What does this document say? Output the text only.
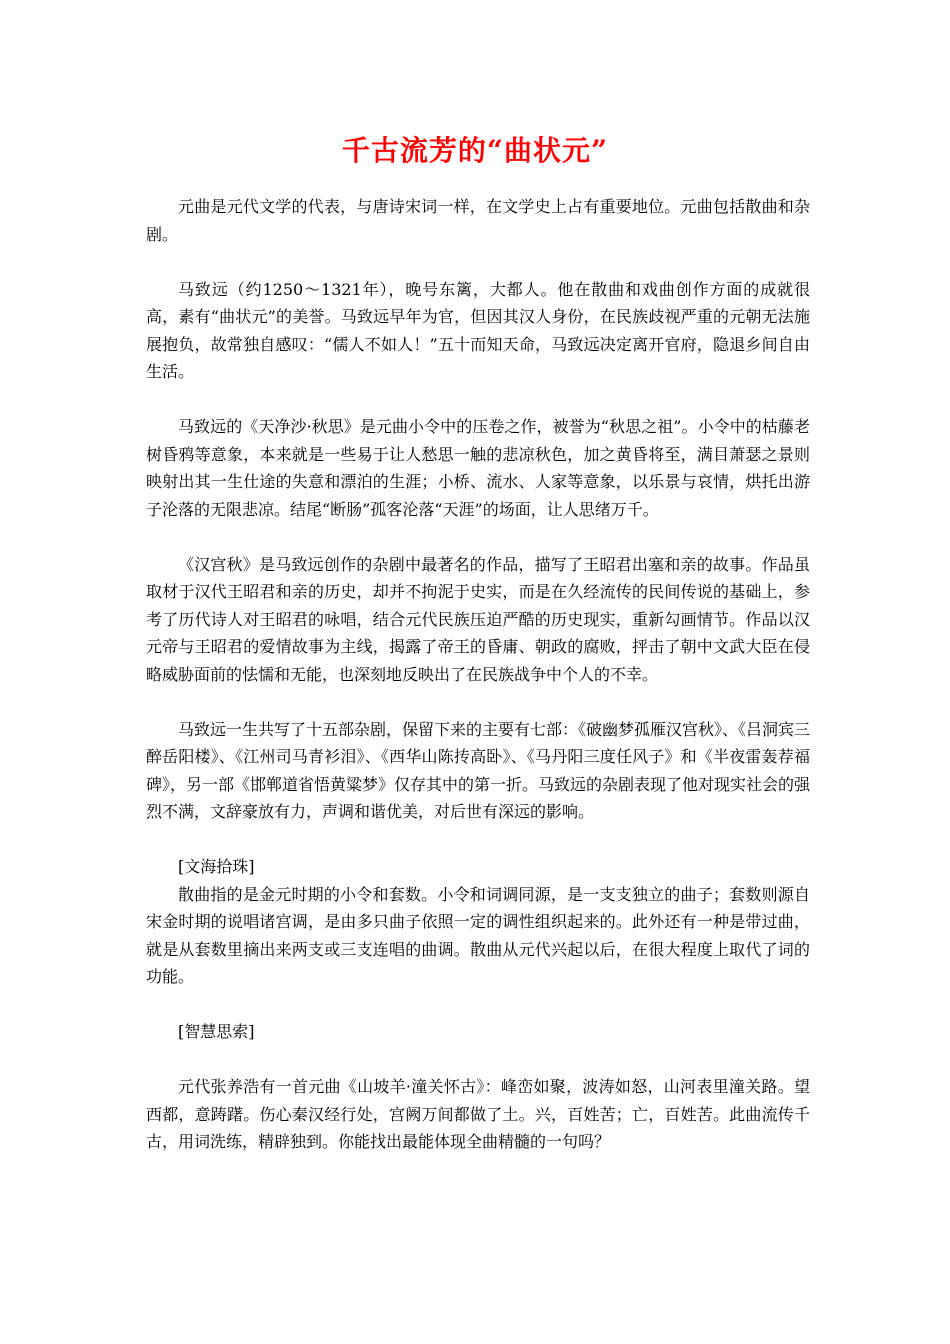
千古流芳的“曲状元”

元曲是元代文学的代表，与唐诗宋词一样，在文学史上占有重要地位。元曲包括散曲和杂剧。

马致远（约1250～1321年），晚号东篱，大都人。他在散曲和戏曲创作方面的成就很高，素有“曲状元”的美誉。马致远早年为官，但因其汉人身份，在民族歧视严重的元朝无法施展抱负，故常独自感叹：“儒人不如人！”五十而知天命，马致远决定离开官府，隐退乡间自由生活。

马致远的《天净沙·秋思》是元曲小令中的压卷之作，被誉为“秋思之祖”。小令中的枯藤老树昏鸦等意象，本来就是一些易于让人愁思一触的悲凉秋色，加之黄昏将至，满目萧瑟之景则映射出其一生仕途的失意和漂泊的生涯；小桥、流水、人家等意象，以乐景与哀情，烘托出游子沦落的无限悲凉。结尾“断肠”孤客沦落“天涯”的场面，让人思绪万千。

《汉宫秋》是马致远创作的杂剧中最著名的作品，描写了王昭君出塞和亲的故事。作品虽取材于汉代王昭君和亲的历史，却并不拘泥于史实，而是在久经流传的民间传说的基础上，参考了历代诗人对王昭君的咏唱，结合元代民族压迫严酷的历史现实，重新勾画情节。作品以汉元帝与王昭君的爱情故事为主线，揭露了帝王的昏庸、朝政的腐败，抨击了朝中文武大臣在侵略威胁面前的怯懦和无能，也深刻地反映出了在民族战争中个人的不幸。

马致远一生共写了十五部杂剧，保留下来的主要有七部：《破幽梦孤雁汉宫秋》、《吕洞宾三醉岳阳楼》、《江州司马青衫泪》、《西华山陈抟高卧》、《马丹阳三度任风子》和《半夜雷轰荐福碑》，另一部《邯郸道省悟黄粱梦》仅存其中的第一折。马致远的杂剧表现了他对现实社会的强烈不满，文辞豪放有力，声调和谐优美，对后世有深远的影响。

[文海拾珠]

散曲指的是金元时期的小令和套数。小令和词调同源，是一支支独立的曲子；套数则源自宋金时期的说唱诸宫调，是由多只曲子依照一定的调性组织起来的。此外还有一种是带过曲，就是从套数里摘出来两支或三支连唱的曲调。散曲从元代兴起以后，在很大程度上取代了词的功能。

[智慧思索]

元代张养浩有一首元曲《山坡羊·潼关怀古》：峰峦如聚，波涛如怒，山河表里潼关路。望西都，意踌躇。伤心秦汉经行处，宫阙万间都做了土。兴，百姓苦；亡，百姓苦。此曲流传千古，用词洗练，精辟独到。你能找出最能体现全曲精髓的一句吗？
